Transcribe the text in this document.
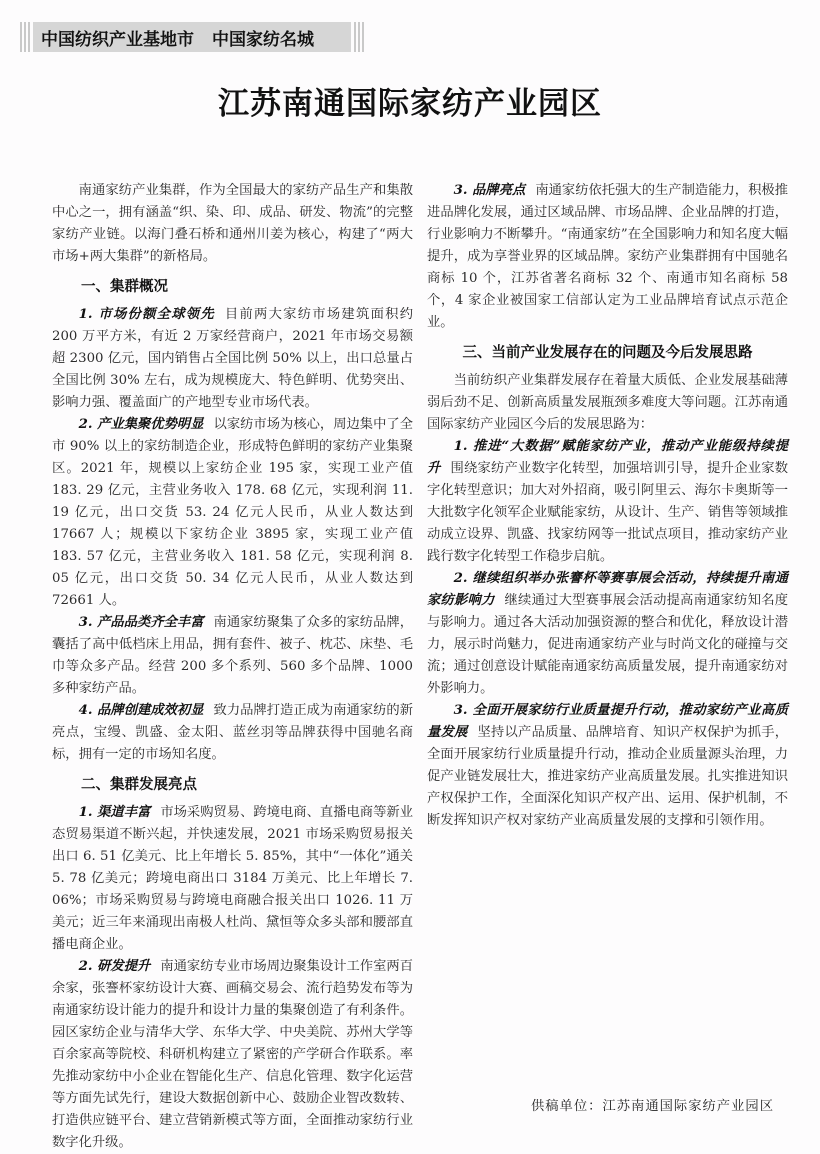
中国纺织产业基地市 中国家纺名城
江苏南通国际家纺产业园区

南通家纺产业集群，作为全国最大的家纺产品生产和集散中心之一，拥有涵盖“织、染、印、成品、研发、物流”的完整家纺产业链。以海门叠石桥和通州川姜为核心，构建了“两大市场+两大集群”的新格局。

一、集群概况

1. 市场份额全球领先 目前两大家纺市场建筑面积约 200 万平方米，有近 2 万家经营商户，2021 年市场交易额超 2300 亿元，国内销售占全国比例 50% 以上，出口总量占全国比例 30% 左右，成为规模庞大、特色鲜明、优势突出、影响力强、覆盖面广的产地型专业市场代表。

2. 产业集聚优势明显 以家纺市场为核心，周边集中了全市 90% 以上的家纺制造企业，形成特色鲜明的家纺产业集聚区。2021 年，规模以上家纺企业 195 家，实现工业产值 183. 29 亿元，主营业务收入 178. 68 亿元，实现利润 11. 19 亿元，出口交货 53. 24 亿元人民币，从业人数达到 17667 人；规模以下家纺企业 3895 家，实现工业产值 183. 57 亿元，主营业务收入 181. 58 亿元，实现利润 8. 05 亿元，出口交货 50. 34 亿元人民币，从业人数达到 72661 人。

3. 产品品类齐全丰富 南通家纺聚集了众多的家纺品牌，囊括了高中低档床上用品，拥有套件、被子、枕芯、床垫、毛巾等众多产品。经营 200 多个系列、560 多个品牌、1000 多种家纺产品。

4. 品牌创建成效初显 致力品牌打造正成为南通家纺的新亮点，宝缦、凯盛、金太阳、蓝丝羽等品牌获得中国驰名商标，拥有一定的市场知名度。

二、集群发展亮点

1. 渠道丰富 市场采购贸易、跨境电商、直播电商等新业态贸易渠道不断兴起，并快速发展，2021 市场采购贸易报关出口 6. 51 亿美元、比上年增长 5. 85%，其中“一体化”通关 5. 78 亿美元；跨境电商出口 3184 万美元、比上年增长 7. 06%；市场采购贸易与跨境电商融合报关出口 1026. 11 万美元；近三年来涌现出南极人杜尚、黛恒等众多头部和腰部直播电商企业。

2. 研发提升 南通家纺专业市场周边聚集设计工作室两百余家，张謇杯家纺设计大赛、画稿交易会、流行趋势发布等为南通家纺设计能力的提升和设计力量的集聚创造了有利条件。园区家纺企业与清华大学、东华大学、中央美院、苏州大学等百余家高等院校、科研机构建立了紧密的产学研合作联系。率先推动家纺中小企业在智能化生产、信息化管理、数字化运营等方面先试先行，建设大数据创新中心、鼓励企业智改数转、打造供应链平台、建立营销新模式等方面，全面推动家纺行业数字化升级。

3. 品牌亮点 南通家纺依托强大的生产制造能力，积极推进品牌化发展，通过区域品牌、市场品牌、企业品牌的打造，行业影响力不断攀升。“南通家纺”在全国影响力和知名度大幅提升，成为享誉业界的区域品牌。家纺产业集群拥有中国驰名商标 10 个，江苏省著名商标 32 个、南通市知名商标 58 个，4 家企业被国家工信部认定为工业品牌培育试点示范企业。

三、当前产业发展存在的问题及今后发展思路

当前纺织产业集群发展存在着量大质低、企业发展基础薄弱后劲不足、创新高质量发展瓶颈多难度大等问题。江苏南通国际家纺产业园区今后的发展思路为：

1. 推进“大数据”赋能家纺产业，推动产业能级持续提升 围绕家纺产业数字化转型，加强培训引导，提升企业家数字化转型意识；加大对外招商，吸引阿里云、海尔卡奥斯等一大批数字化领军企业赋能家纺，从设计、生产、销售等领域推动成立设界、凯盛、找家纺网等一批试点项目，推动家纺产业践行数字化转型工作稳步启航。

2. 继续组织举办张謇杯等赛事展会活动，持续提升南通家纺影响力 继续通过大型赛事展会活动提高南通家纺知名度与影响力。通过各大活动加强资源的整合和优化，释放设计潜力，展示时尚魅力，促进南通家纺产业与时尚文化的碰撞与交流；通过创意设计赋能南通家纺高质量发展，提升南通家纺对外影响力。

3. 全面开展家纺行业质量提升行动，推动家纺产业高质量发展 坚持以产品质量、品牌培育、知识产权保护为抓手，全面开展家纺行业质量提升行动，推动企业质量源头治理，力促产业链发展壮大，推进家纺产业高质量发展。扎实推进知识产权保护工作，全面深化知识产权产出、运用、保护机制，不断发挥知识产权对家纺产业高质量发展的支撑和引领作用。

供稿单位：江苏南通国际家纺产业园区
